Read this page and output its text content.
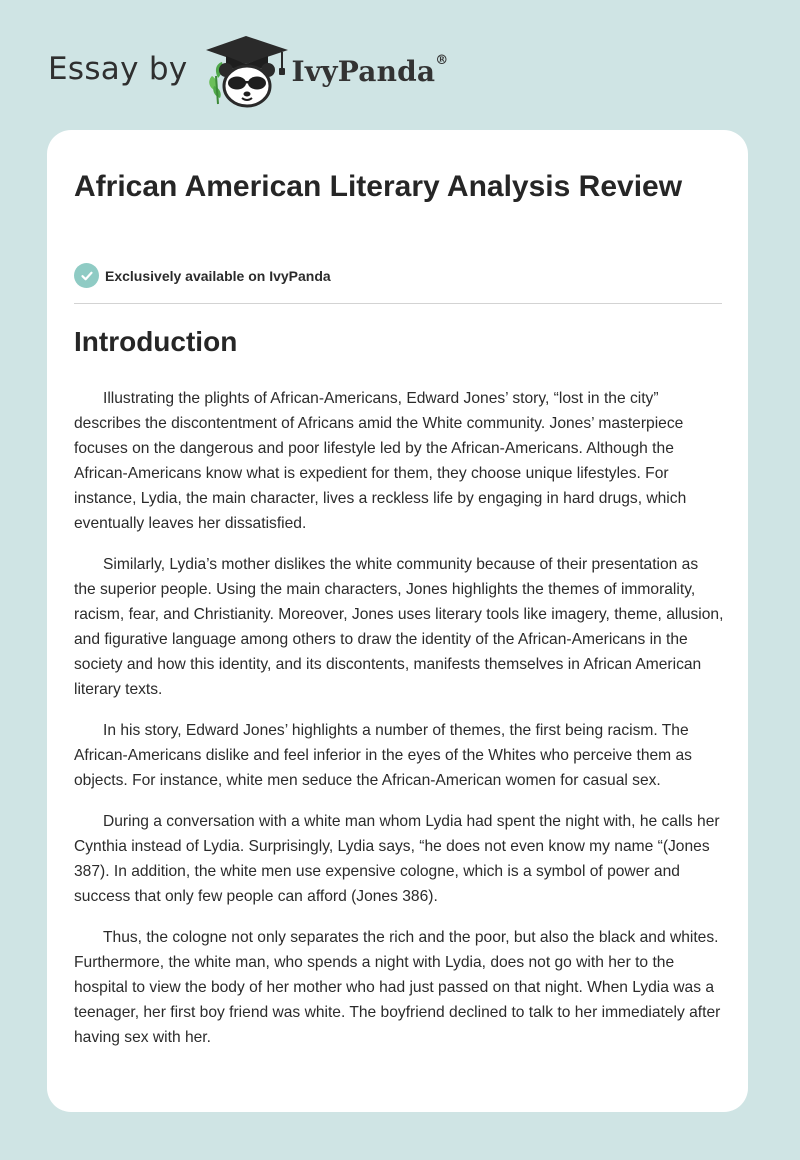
Essay by	IvyPanda®
African American Literary Analysis Review
Exclusively available on IvyPanda
Introduction

Illustrating the plights of African-Americans, Edward Jones’ story, “lost in the city” describes the discontentment of Africans amid the White community. Jones’ masterpiece focuses on the dangerous and poor lifestyle led by the African-Americans. Although the African-Americans know what is expedient for them, they choose unique lifestyles. For instance, Lydia, the main character, lives a reckless life by engaging in hard drugs, which eventually leaves her dissatisfied.

Similarly, Lydia’s mother dislikes the white community because of their presentation as the superior people. Using the main characters, Jones highlights the themes of immorality, racism, fear, and Christianity. Moreover, Jones uses literary tools like imagery, theme, allusion, and figurative language among others to draw the identity of the African-Americans in the society and how this identity, and its discontents, manifests themselves in African American literary texts.

In his story, Edward Jones’ highlights a number of themes, the first being racism. The African-Americans dislike and feel inferior in the eyes of the Whites who perceive them as objects. For instance, white men seduce the African-American women for casual sex.

During a conversation with a white man whom Lydia had spent the night with, he calls her Cynthia instead of Lydia. Surprisingly, Lydia says, “he does not even know my name “(Jones 387). In addition, the white men use expensive cologne, which is a symbol of power and success that only few people can afford (Jones 386).

Thus, the cologne not only separates the rich and the poor, but also the black and whites. Furthermore, the white man, who spends a night with Lydia, does not go with her to the hospital to view the body of her mother who had just passed on that night. When Lydia was a teenager, her first boy friend was white. The boyfriend declined to talk to her immediately after having sex with her.
